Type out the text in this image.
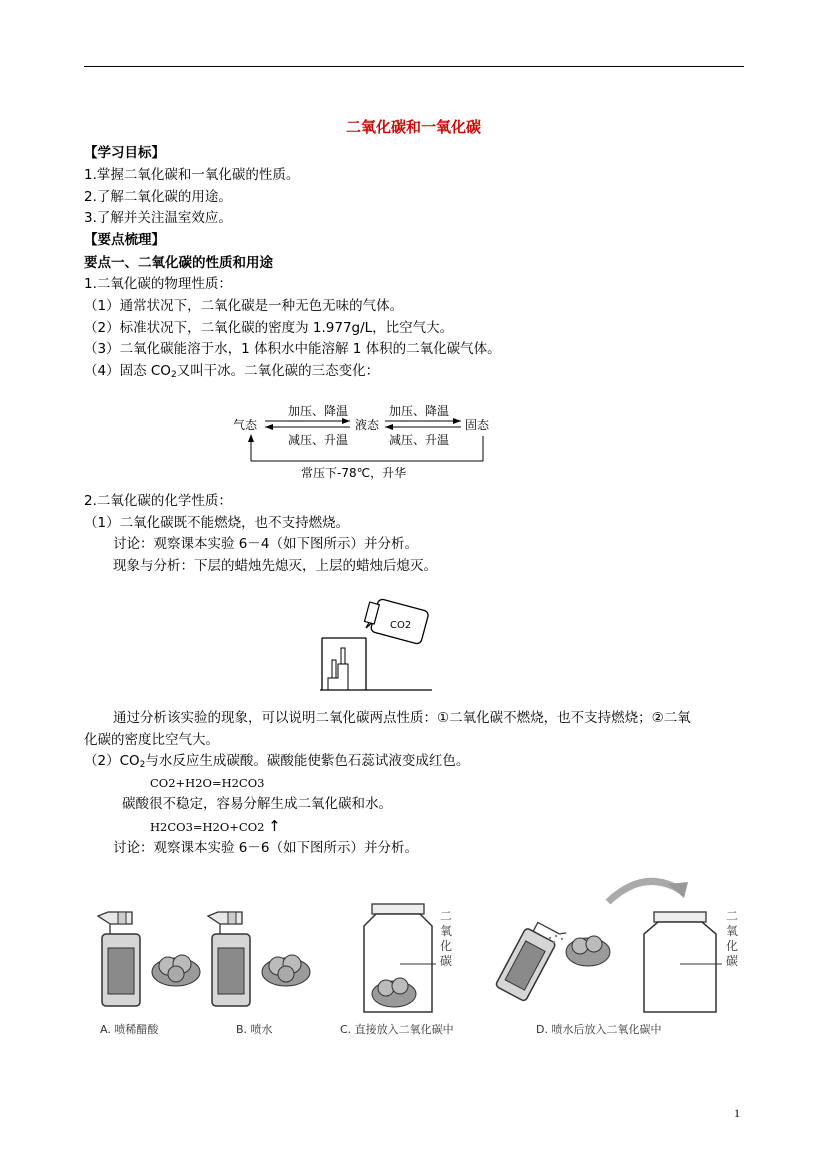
二氧化碳和一氧化碳
【学习目标】
1.掌握二氧化碳和一氧化碳的性质。
2.了解二氧化碳的用途。
3.了解并关注温室效应。
【要点梳理】
要点一、二氧化碳的性质和用途
1.二氧化碳的物理性质：
（1）通常状况下，二氧化碳是一种无色无味的气体。
（2）标准状况下，二氧化碳的密度为 1.977g/L，比空气大。
（3）二氧化碳能溶于水，1 体积水中能溶解 1 体积的二氧化碳气体。
（4）固态 $CO_2$又叫干冰。二氧化碳的三态变化：
气态	液态	固态
加压、降温	加压、降温
减压、升温	减压、升温
常压下-78℃，升华
2.二氧化碳的化学性质：
（1）二氧化碳既不能燃烧，也不支持燃烧。
讨论：观察课本实验 6－4（如下图所示）并分析。
现象与分析：下层的蜡烛先熄灭，上层的蜡烛后熄灭。
CO2
通过分析该实验的现象，可以说明二氧化碳两点性质：①二氧化碳不燃烧，也不支持燃烧；②二氧
化碳的密度比空气大。
$(2)CO_2$与水反应生成碳酸。碳酸能使紫色石蕊试液变成红色。
CO2+H2O=H2CO3
碳酸很不稳定，容易分解生成二氧化碳和水。
H2CO3=H2O+CO2 ↑
讨论：观察课本实验 6－6（如下图所示）并分析。
A. 喷稀醋酸	B. 喷水
二氧化碳
C. 直接放入二氧化碳中
二氧化碳
D. 喷水后放入二氧化碳中
1
